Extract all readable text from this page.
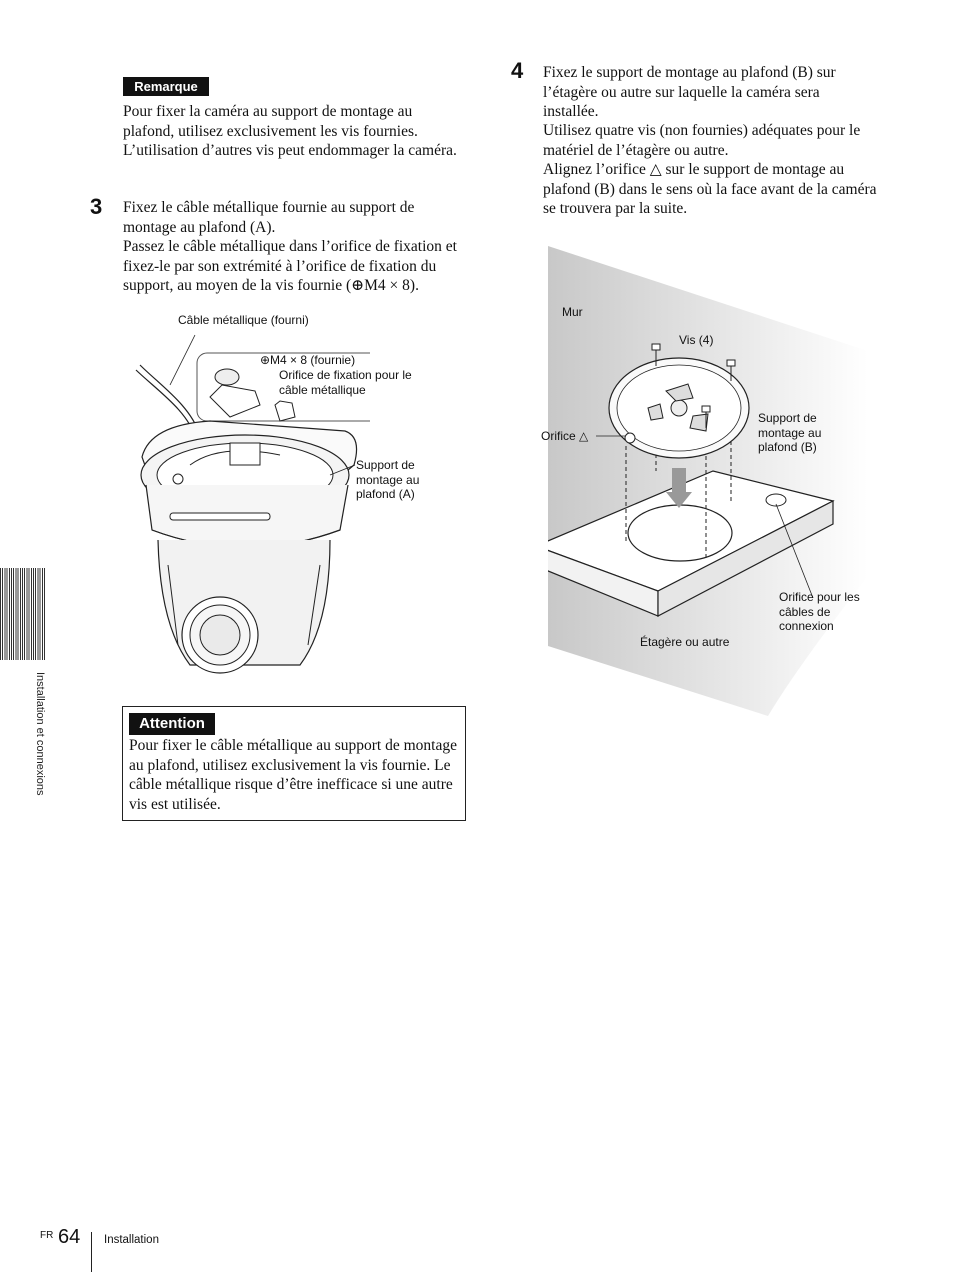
Installation et connexions
Remarque

Pour fixer la caméra au support de montage au plafond, utilisez exclusivement les vis fournies. L’utilisation d’autres vis peut endommager la caméra.

3 Fixez le câble métallique fournie au support de montage au plafond (A).

Passez le câble métallique dans l’orifice de fixation et fixez-le par son extrémité à l’orifice de fixation du support, au moyen de la vis fournie (⊕M4 × 8).

Câble métallique (fourni)
⊕M4 × 8 (fournie)
Orifice de fixation pour le câble métallique
Support de montage au plafond (A)
Attention

Pour fixer le câble métallique au support de montage au plafond, utilisez exclusivement la vis fournie. Le câble métallique risque d’être inefficace si une autre vis est utilisée.

4 Fixez le support de montage au plafond (B) sur l’étagère ou autre sur laquelle la caméra sera installée.

Utilisez quatre vis (non fournies) adéquates pour le matériel de l’étagère ou autre.

Alignez l’orifice △ sur le support de montage au plafond (B) dans le sens où la face avant de la caméra se trouvera par la suite.

Mur
Vis (4)
Orifice △
Support de montage au plafond (B)
Orifice pour les câbles de connexion
Étagère ou autre
FR 64 Installation
